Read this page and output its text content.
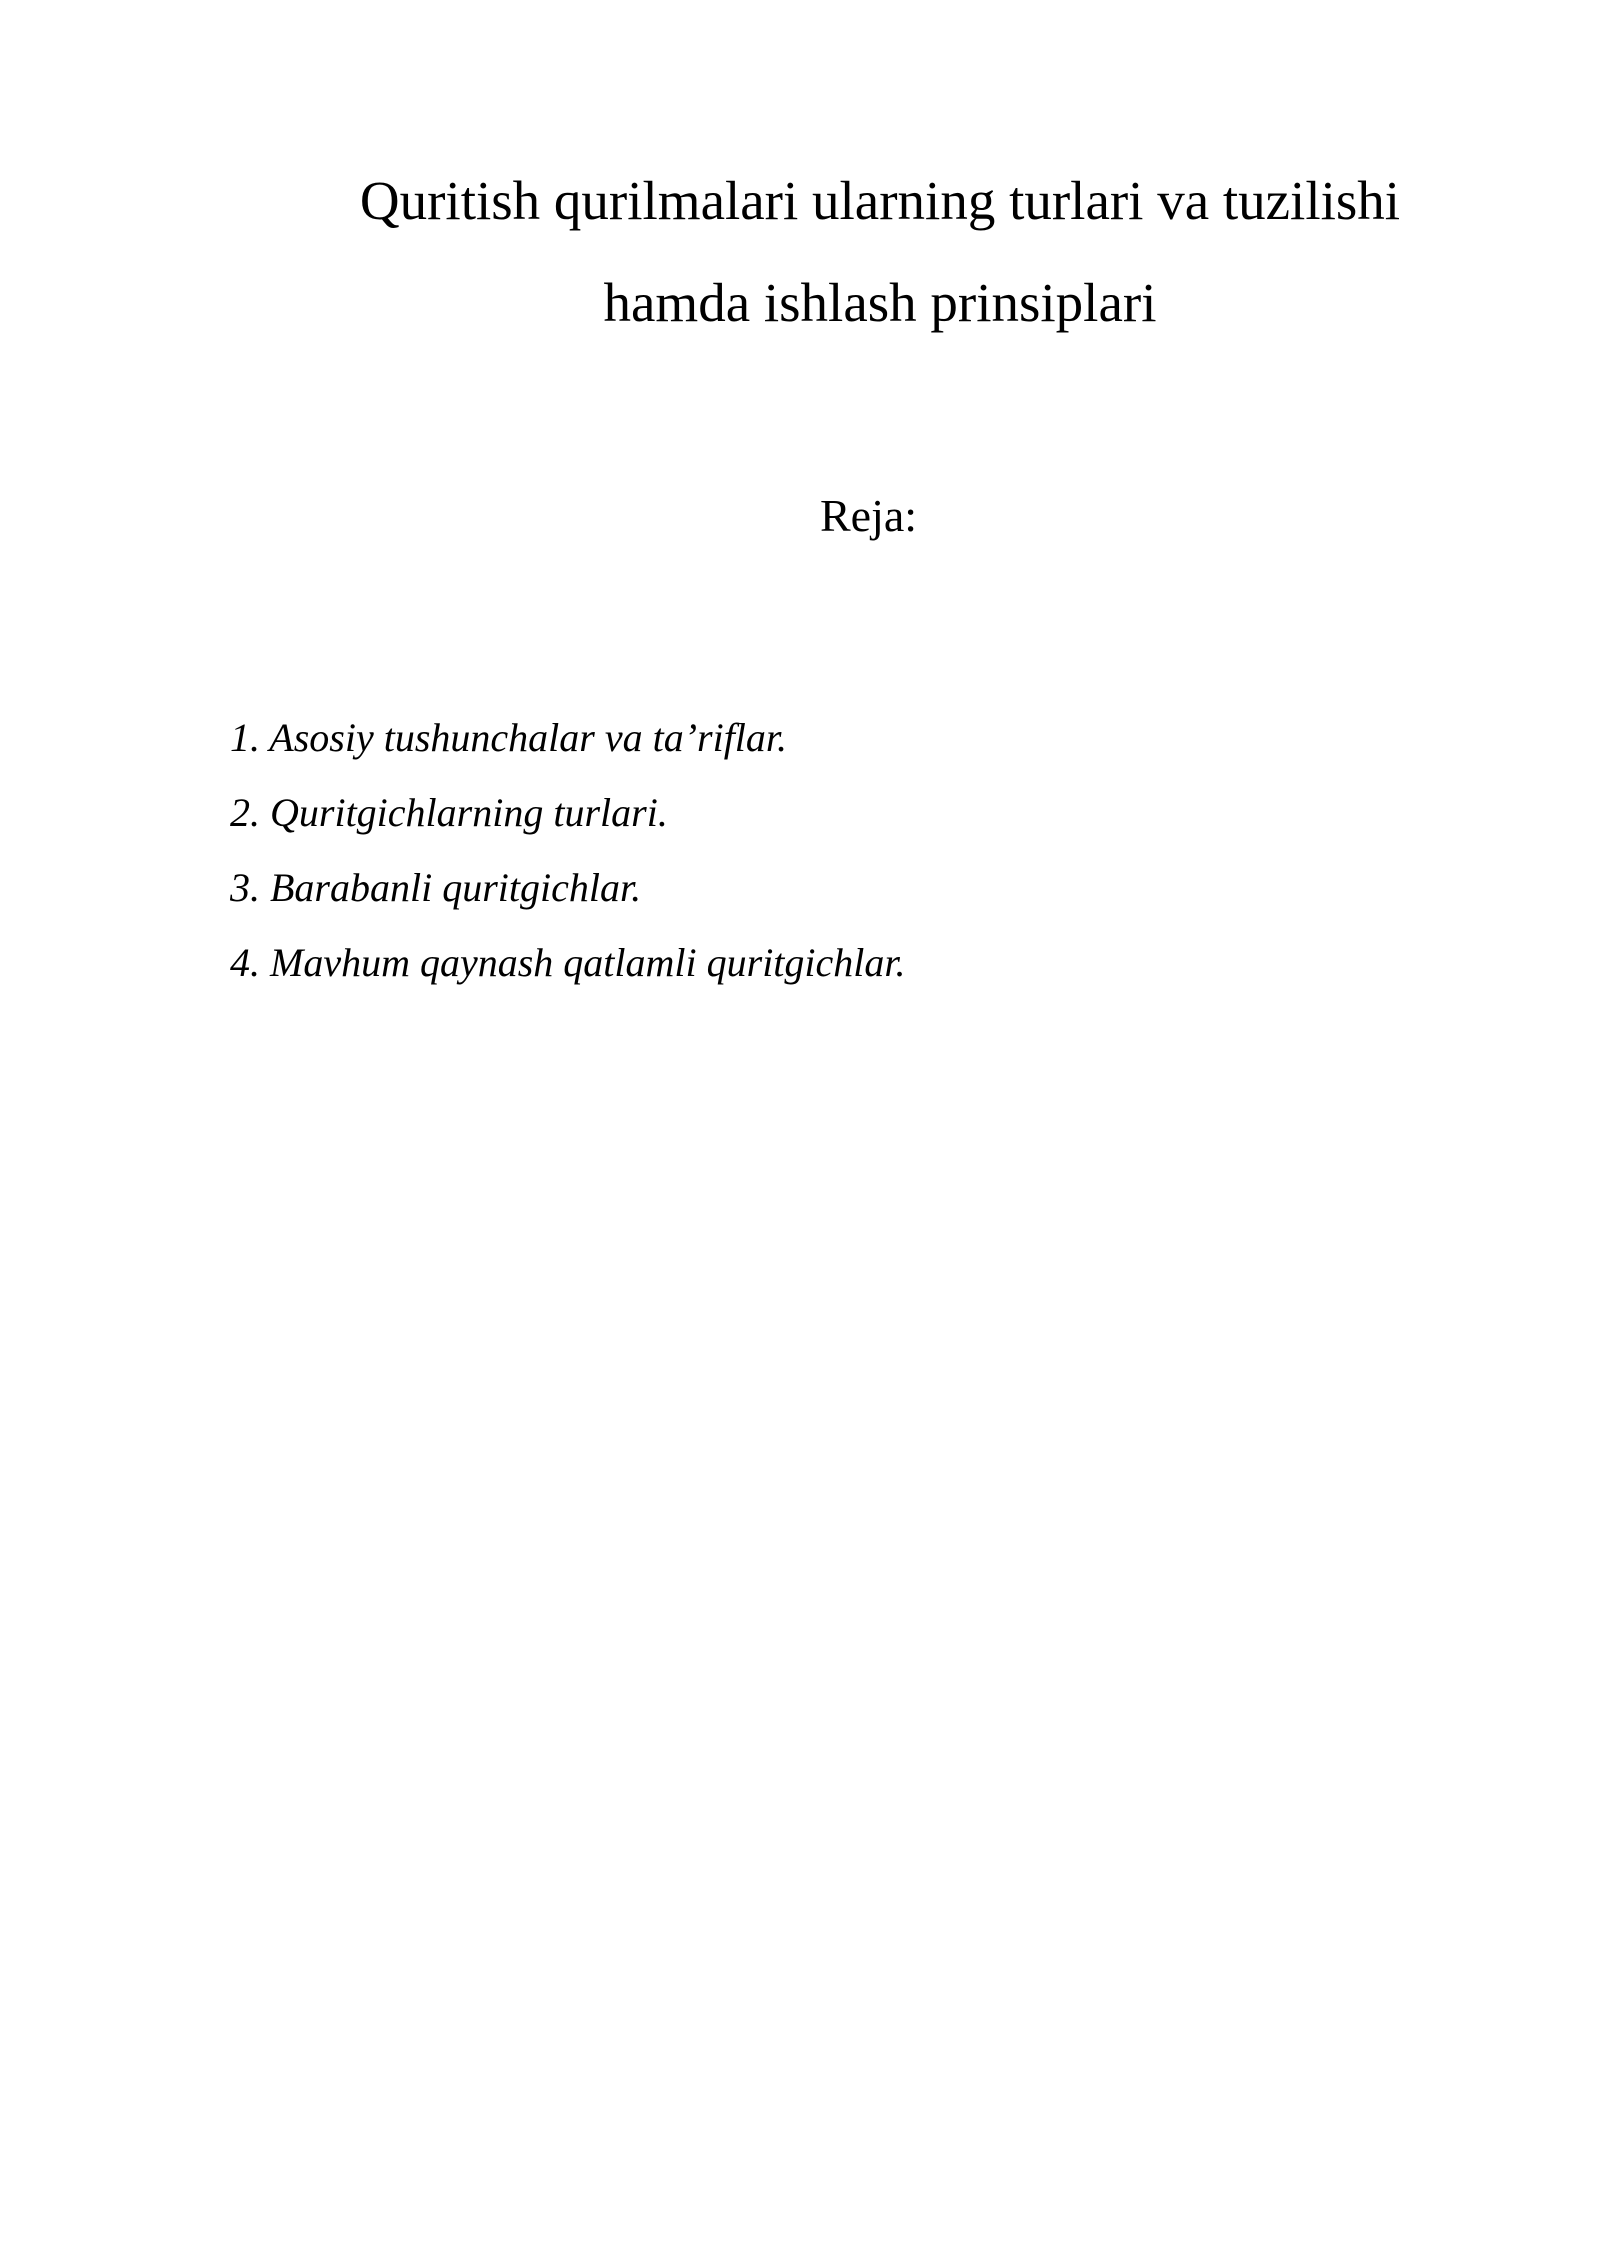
Quritish qurilmalari ularning turlari va tuzilishi
hamda ishlash prinsiplari
Reja:
1. Asosiy tushunchalar va ta’riflar.
2. Quritgichlarning turlari.
3. Barabanli quritgichlar.
4. Mavhum qaynash qatlamli quritgichlar.
